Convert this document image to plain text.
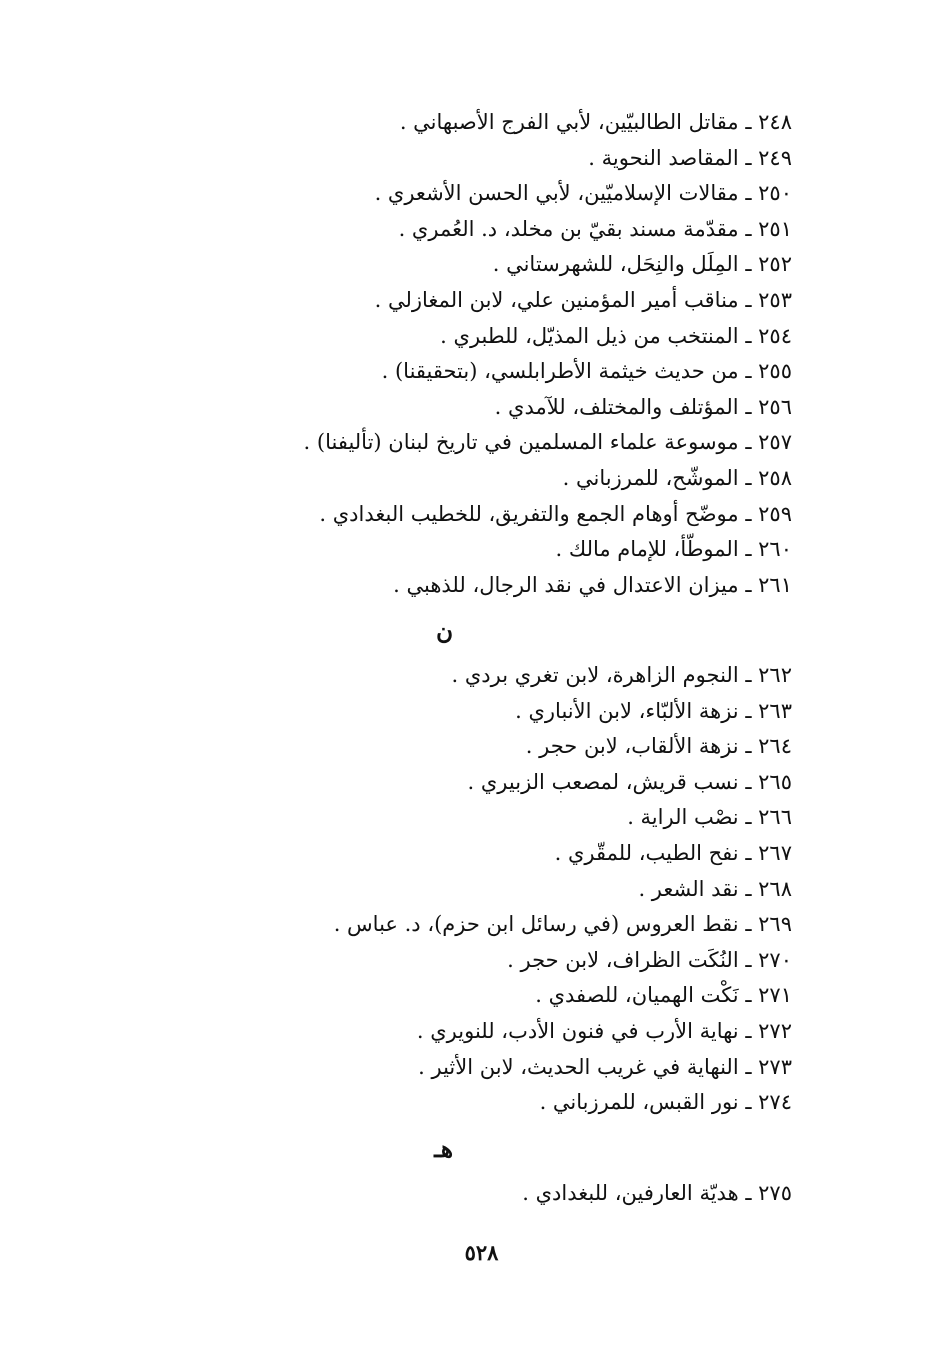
٢٤٨ ـ مقاتل الطالبيّين، لأبي الفرج الأصبهاني .
٢٤٩ ـ المقاصد النحوية .
٢٥٠ ـ مقالات الإسلاميّين، لأبي الحسن الأشعري .
٢٥١ ـ مقدّمة مسند بقيّ بن مخلد، د. العُمري .
٢٥٢ ـ المِلَل والنِحَل، للشهرستاني .
٢٥٣ ـ مناقب أمير المؤمنين علي، لابن المغازلي .
٢٥٤ ـ المنتخب من ذيل المذيّل، للطبري .
٢٥٥ ـ من حديث خيثمة الأطرابلسي، (بتحقيقنا) .
٢٥٦ ـ المؤتلف والمختلف، للآمدي .
٢٥٧ ـ موسوعة علماء المسلمين في تاريخ لبنان (تأليفنا) .
٢٥٨ ـ الموشّح، للمرزباني .
٢٥٩ ـ موضّح أوهام الجمع والتفريق، للخطيب البغدادي .
٢٦٠ ـ الموطّأ، للإمام مالك .
٢٦١ ـ ميزان الاعتدال في نقد الرجال، للذهبي .
ن
٢٦٢ ـ النجوم الزاهرة، لابن تغري بردي .
٢٦٣ ـ نزهة الألبّاء، لابن الأنباري .
٢٦٤ ـ نزهة الألقاب، لابن حجر .
٢٦٥ ـ نسب قريش، لمصعب الزبيري .
٢٦٦ ـ نصْب الراية .
٢٦٧ ـ نفح الطيب، للمقّري .
٢٦٨ ـ نقد الشعر .
٢٦٩ ـ نقط العروس (في رسائل ابن حزم)، د. عباس .
٢٧٠ ـ النُكَت الظراف، لابن حجر .
٢٧١ ـ نَكْت الهميان، للصفدي .
٢٧٢ ـ نهاية الأرب في فنون الأدب، للنويري .
٢٧٣ ـ النهاية في غريب الحديث، لابن الأثير .
٢٧٤ ـ نور القبس، للمرزباني .
هـ
٢٧٥ ـ هديّة العارفين، للبغدادي .
٥٢٨
